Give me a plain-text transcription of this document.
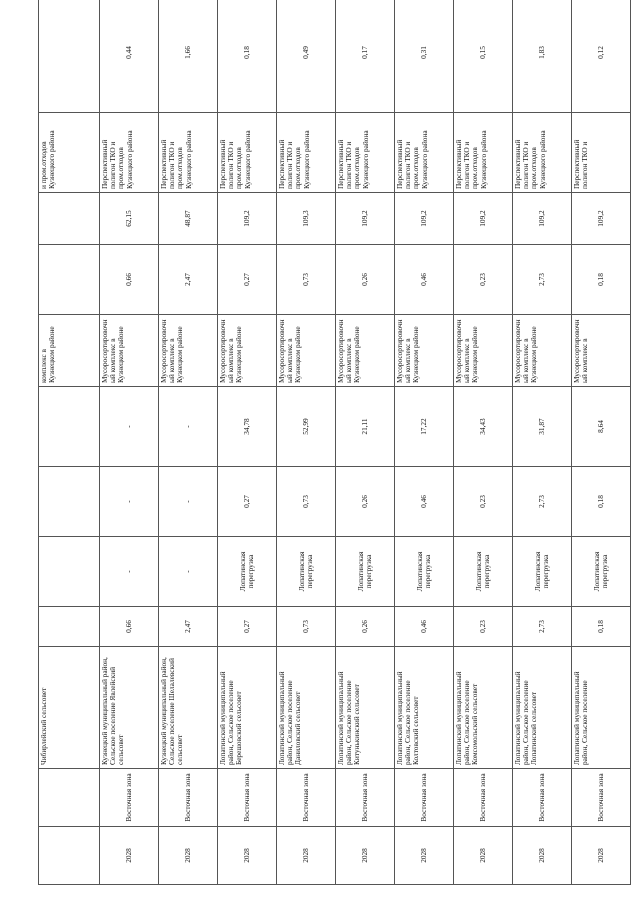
		Чибирлейский сельсовет					комплекс в Кузнецком районе			и пром.отходов Кузнецкого района		
2028	Восточная зона	Кузнецкий муниципальный район, Сельское поселение Явлейский сельсовет	0,66	-	-	-	Мусоросортировочный комплекс в Кузнецком районе	0,66	62,15	Перспективный полигон ТКО и пром.отходов Кузнецкого района	0,44	
2028	Восточная зона	Кузнецкий муниципальный район, Сельское поселение Шелалевский сельсовет	2,47	-	-	-	Мусоросортировочный комплекс в Кузнецком районе	2,47	48,87	Перспективный полигон ТКО и пром.отходов Кузнецкого района	1,66	
2028	Восточная зона	Лопатинский муниципальный район, Сельское поселение Берешовский сельсовет	0,27	Лопатинская перегрузка	0,27	34,78	Мусоросортировочный комплекс в Кузнецком районе	0,27	109,2	Перспективный полигон ТКО и пром.отходов Кузнецкого района	0,18	
2028	Восточная зона	Лопатинский муниципальный район, Сельское поселение Даниловский сельсовет	0,73	Лопатинская перегрузка	0,73	52,99	Мусоросортировочный комплекс в Кузнецком районе	0,73	109,3	Перспективный полигон ТКО и пром.отходов Кузнецкого района	0,49	
2028	Восточная зона	Лопатинский муниципальный район, Сельское поселение Китунькинский сельсовет	0,26	Лопатинская перегрузка	0,26	21,11	Мусоросортировочный комплекс в Кузнецком районе	0,26	109,2	Перспективный полигон ТКО и пром.отходов Кузнецкого района	0,17	
2028	Восточная зона	Лопатинский муниципальный район, Сельское поселение Колтовский сельсовет	0,46	Лопатинская перегрузка	0,46	17,22	Мусоросортировочный комплекс в Кузнецком районе	0,46	109,2	Перспективный полигон ТКО и пром.отходов Кузнецкого района	0,31	
2028	Восточная зона	Лопатинский муниципальный район, Сельское поселение Комсомольский сельсовет	0,23	Лопатинская перегрузка	0,23	34,43	Мусоросортировочный комплекс в Кузнецком районе	0,23	109,2	Перспективный полигон ТКО и пром.отходов Кузнецкого района	0,15	
2028	Восточная зона	Лопатинский муниципальный район, Сельское поселение Лопатинский сельсовет	2,73	Лопатинская перегрузка	2,73	31,87	Мусоросортировочный комплекс в Кузнецком районе	2,73	109,2	Перспективный полигон ТКО и пром.отходов Кузнецкого района	1,83	
2028	Восточная зона	Лопатинский муниципальный район, Сельское поселение	0,18	Лопатинская перегрузка	0,18	8,64	Мусоросортировочный комплекс в	0,18	109,2	Перспективный полигон ТКО и	0,12	
